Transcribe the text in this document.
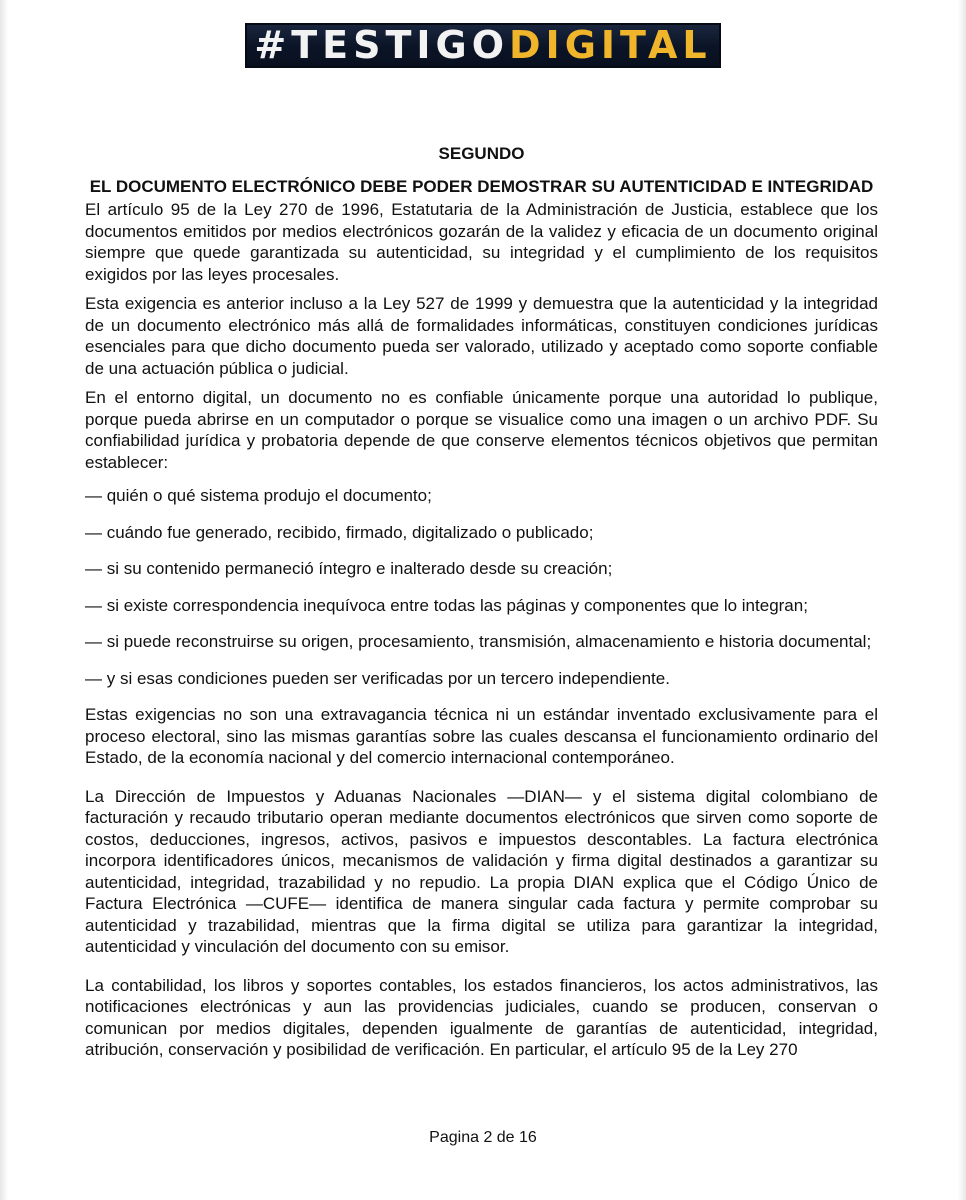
#TESTIGODIGITAL
SEGUNDO
EL DOCUMENTO ELECTRÓNICO DEBE PODER DEMOSTRAR SU AUTENTICIDAD E INTEGRIDAD

El artículo 95 de la Ley 270 de 1996, Estatutaria de la Administración de Justicia, establece que los documentos emitidos por medios electrónicos gozarán de la validez y eficacia de un documento original siempre que quede garantizada su autenticidad, su integridad y el cumplimiento de los requisitos exigidos por las leyes procesales.

Esta exigencia es anterior incluso a la Ley 527 de 1999 y demuestra que la autenticidad y la integridad de un documento electrónico más allá de formalidades informáticas, constituyen condiciones jurídicas esenciales para que dicho documento pueda ser valorado, utilizado y aceptado como soporte confiable de una actuación pública o judicial.

En el entorno digital, un documento no es confiable únicamente porque una autoridad lo publique, porque pueda abrirse en un computador o porque se visualice como una imagen o un archivo PDF. Su confiabilidad jurídica y probatoria depende de que conserve elementos técnicos objetivos que permitan establecer:

— quién o qué sistema produjo el documento;

— cuándo fue generado, recibido, firmado, digitalizado o publicado;

— si su contenido permaneció íntegro e inalterado desde su creación;

— si existe correspondencia inequívoca entre todas las páginas y componentes que lo integran;

— si puede reconstruirse su origen, procesamiento, transmisión, almacenamiento e historia documental;

— y si esas condiciones pueden ser verificadas por un tercero independiente.

Estas exigencias no son una extravagancia técnica ni un estándar inventado exclusivamente para el proceso electoral, sino las mismas garantías sobre las cuales descansa el funcionamiento ordinario del Estado, de la economía nacional y del comercio internacional contemporáneo.

La Dirección de Impuestos y Aduanas Nacionales —DIAN— y el sistema digital colombiano de facturación y recaudo tributario operan mediante documentos electrónicos que sirven como soporte de costos, deducciones, ingresos, activos, pasivos e impuestos descontables. La factura electrónica incorpora identificadores únicos, mecanismos de validación y firma digital destinados a garantizar su autenticidad, integridad, trazabilidad y no repudio. La propia DIAN explica que el Código Único de Factura Electrónica —CUFE— identifica de manera singular cada factura y permite comprobar su autenticidad y trazabilidad, mientras que la firma digital se utiliza para garantizar la integridad, autenticidad y vinculación del documento con su emisor.

La contabilidad, los libros y soportes contables, los estados financieros, los actos administrativos, las notificaciones electrónicas y aun las providencias judiciales, cuando se producen, conservan o comunican por medios digitales, dependen igualmente de garantías de autenticidad, integridad, atribución, conservación y posibilidad de verificación. En particular, el artículo 95 de la Ley 270

Pagina 2 de 16
